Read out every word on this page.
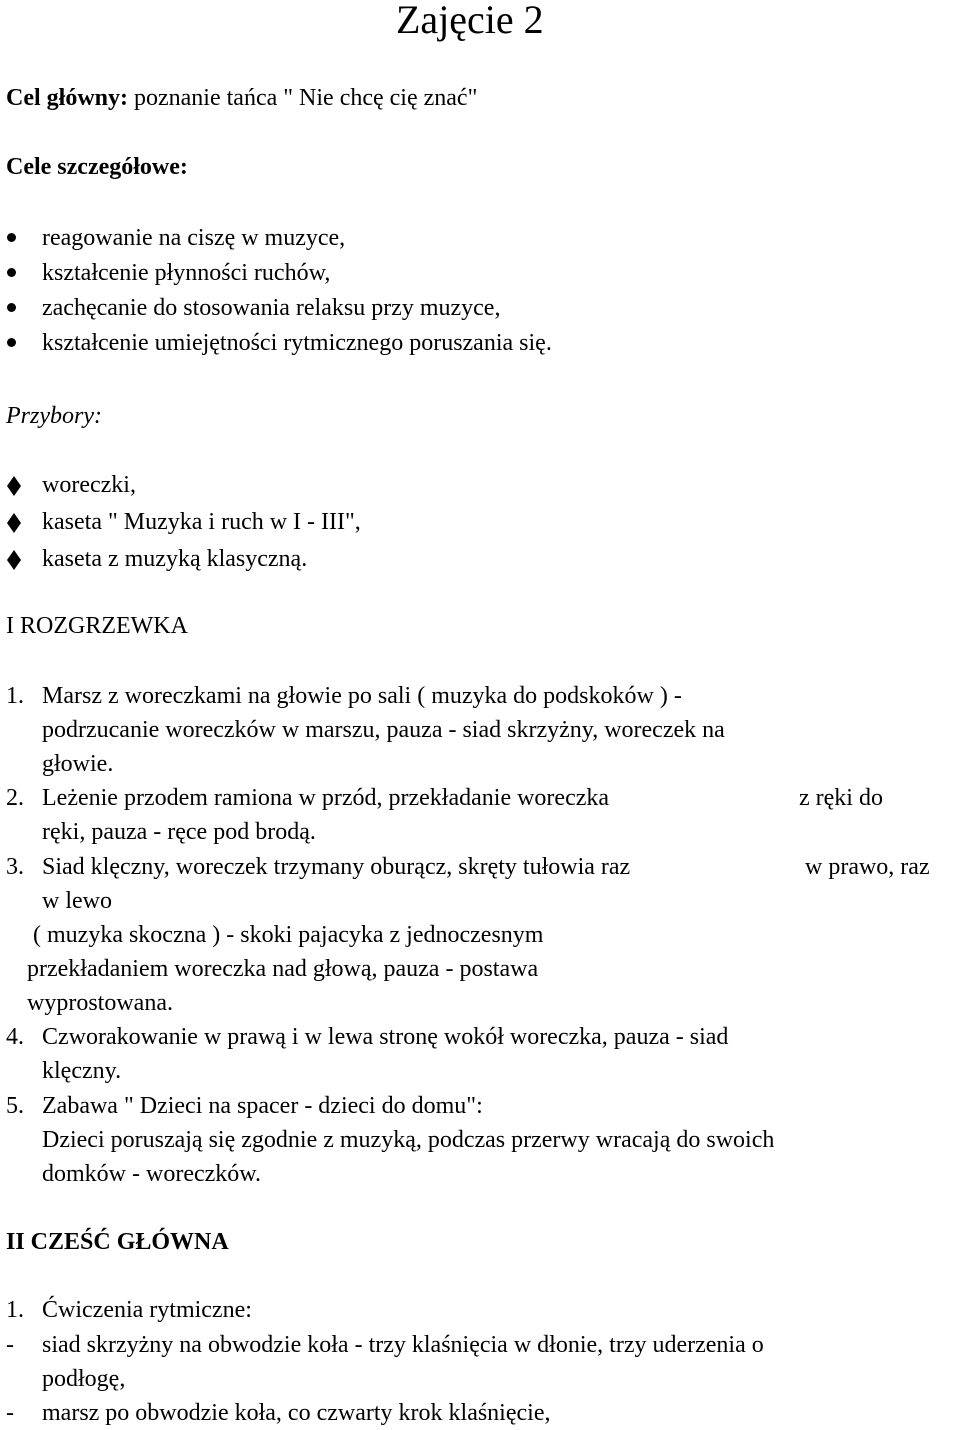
Zajęcie 2
Cel główny: poznanie tańca " Nie chcę cię znać"
Cele szczegółowe:
reagowanie na ciszę w muzyce,
kształcenie płynności ruchów,
zachęcanie do stosowania relaksu przy muzyce,
kształcenie umiejętności rytmicznego poruszania się.
Przybory:
woreczki,
kaseta " Muzyka i ruch w I - III",
kaseta z muzyką klasyczną.
I ROZGRZEWKA
1. Marsz z woreczkami na głowie po sali ( muzyka do podskoków ) -
podrzucanie woreczków w marszu, pauza - siad skrzyżny, woreczek na
głowie.
2. Leżenie przodem ramiona w przód, przekładanie woreczka	z ręki do
ręki, pauza - ręce pod brodą.
3. Siad klęczny, woreczek trzymany oburącz, skręty tułowia raz	w prawo, raz
w lewo
( muzyka skoczna ) - skoki pajacyka z jednoczesnym
przekładaniem woreczka nad głową, pauza - postawa
wyprostowana.
4. Czworakowanie w prawą i w lewa stronę wokół woreczka, pauza - siad
klęczny.
5. Zabawa " Dzieci na spacer - dzieci do domu":
Dzieci poruszają się zgodnie z muzyką, podczas przerwy wracają do swoich
domków - woreczków.
II CZEŚĆ GŁÓWNA
1. Ćwiczenia rytmiczne:
- siad skrzyżny na obwodzie koła - trzy klaśnięcia w dłonie, trzy uderzenia o
podłogę,
- marsz po obwodzie koła, co czwarty krok klaśnięcie,
